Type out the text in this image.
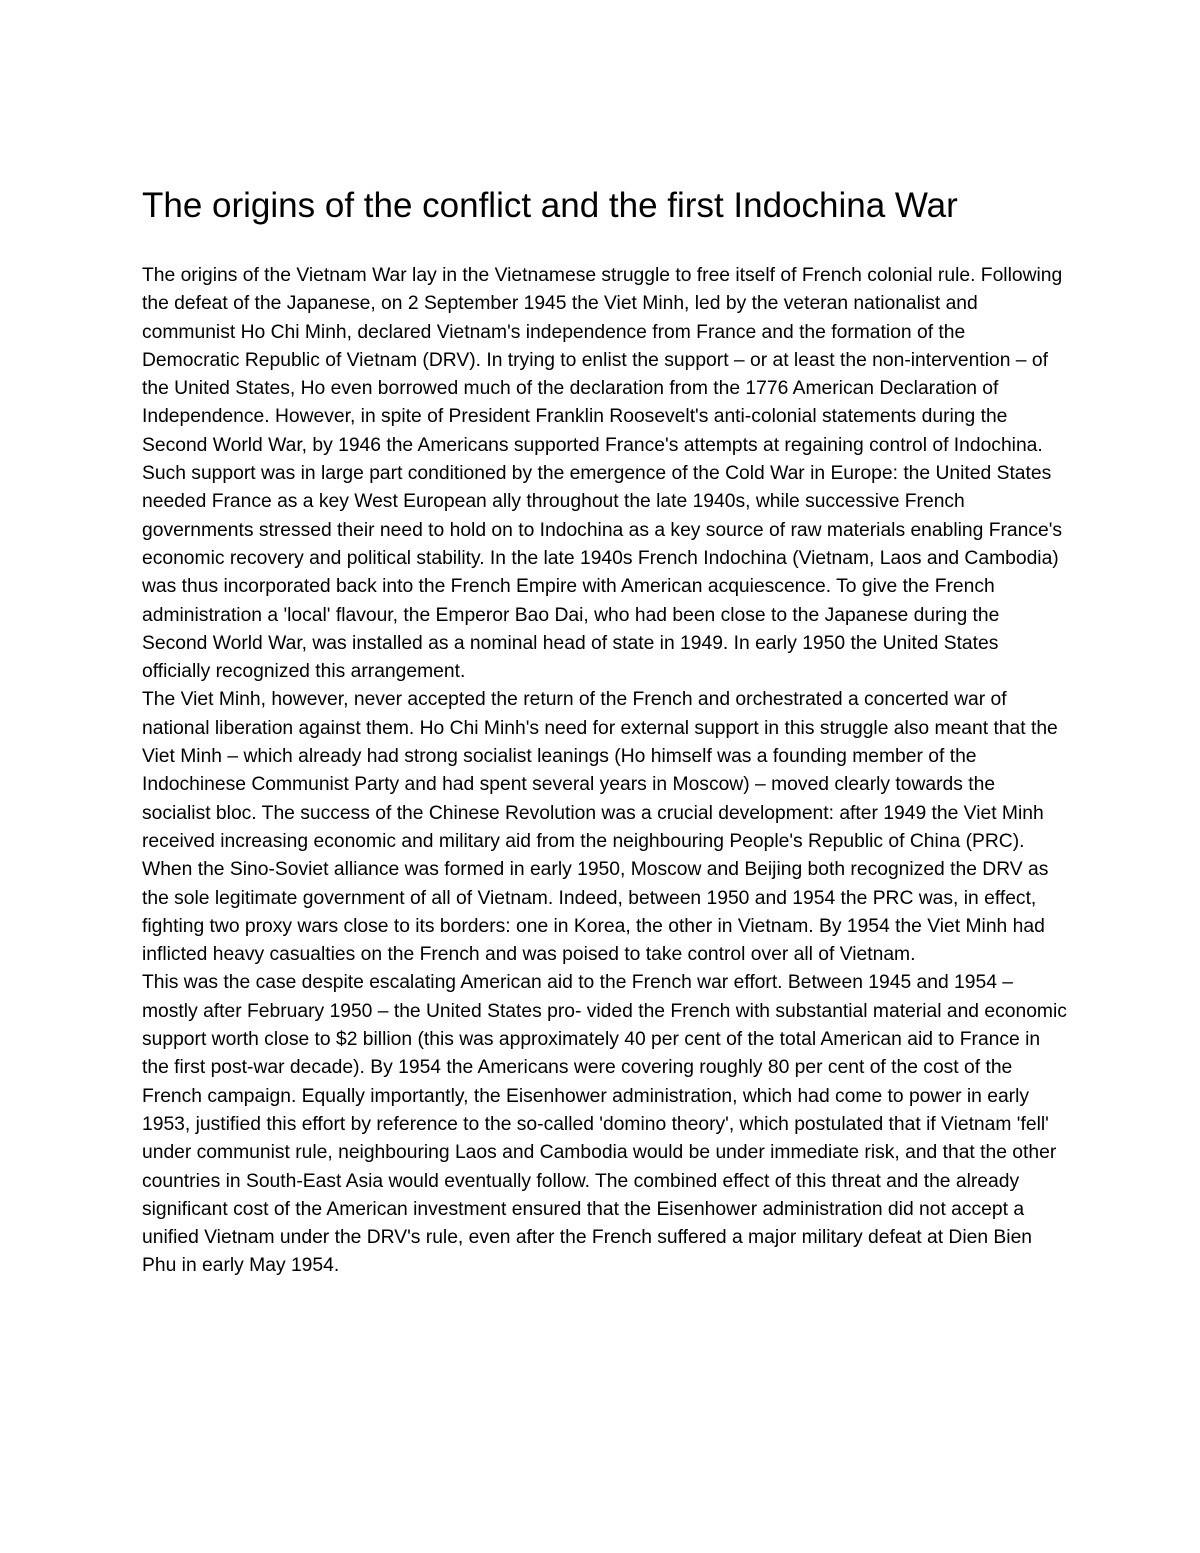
The origins of the conflict and the first Indochina War

The origins of the Vietnam War lay in the Vietnamese struggle to free itself of French colonial rule. Following the defeat of the Japanese, on 2 September 1945 the Viet Minh, led by the veteran nationalist and communist Ho Chi Minh, declared Vietnam's independence from France and the formation of the Democratic Republic of Vietnam (DRV). In trying to enlist the support – or at least the non-intervention – of the United States, Ho even borrowed much of the declaration from the 1776 American Declaration of Independence. However, in spite of President Franklin Roosevelt's anti-colonial statements during the Second World War, by 1946 the Americans supported France's attempts at regaining control of Indochina. Such support was in large part conditioned by the emergence of the Cold War in Europe: the United States needed France as a key West European ally throughout the late 1940s, while successive French governments stressed their need to hold on to Indochina as a key source of raw materials enabling France's economic recovery and political stability. In the late 1940s French Indochina (Vietnam, Laos and Cambodia) was thus incorporated back into the French Empire with American acquiescence. To give the French administration a 'local' flavour, the Emperor Bao Dai, who had been close to the Japanese during the Second World War, was installed as a nominal head of state in 1949. In early 1950 the United States officially recognized this arrangement.

The Viet Minh, however, never accepted the return of the French and orchestrated a concerted war of national liberation against them. Ho Chi Minh's need for external support in this struggle also meant that the Viet Minh – which already had strong socialist leanings (Ho himself was a founding member of the Indochinese Communist Party and had spent several years in Moscow) – moved clearly towards the socialist bloc. The success of the Chinese Revolution was a crucial development: after 1949 the Viet Minh received increasing economic and military aid from the neighbouring People's Republic of China (PRC). When the Sino-Soviet alliance was formed in early 1950, Moscow and Beijing both recognized the DRV as the sole legitimate government of all of Vietnam. Indeed, between 1950 and 1954 the PRC was, in effect, fighting two proxy wars close to its borders: one in Korea, the other in Vietnam. By 1954 the Viet Minh had inflicted heavy casualties on the French and was poised to take control over all of Vietnam.

This was the case despite escalating American aid to the French war effort. Between 1945 and 1954 – mostly after February 1950 – the United States pro- vided the French with substantial material and economic support worth close to $2 billion (this was approximately 40 per cent of the total American aid to France in the first post-war decade). By 1954 the Americans were covering roughly 80 per cent of the cost of the French campaign. Equally importantly, the Eisenhower administration, which had come to power in early 1953, justified this effort by reference to the so-called 'domino theory', which postulated that if Vietnam 'fell' under communist rule, neighbouring Laos and Cambodia would be under immediate risk, and that the other countries in South-East Asia would eventually follow. The combined effect of this threat and the already significant cost of the American investment ensured that the Eisenhower administration did not accept a unified Vietnam under the DRV's rule, even after the French suffered a major military defeat at Dien Bien Phu in early May 1954.
